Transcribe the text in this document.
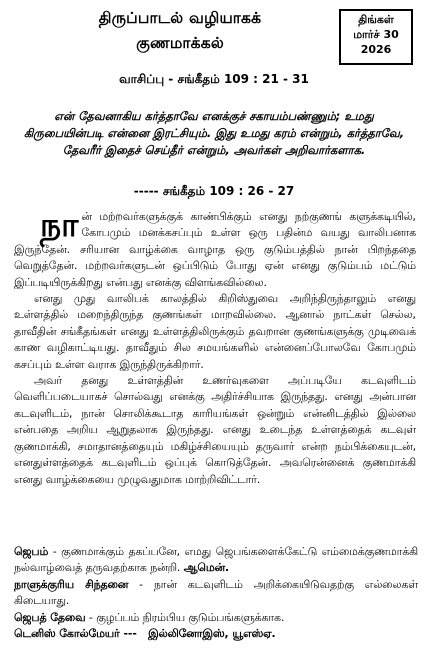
திருப்பாடல் வழியாகக்
குணமாக்கல்
திங்கள்
மார்ச் 30
2026
வாசிப்பு - சங்கீதம் 109 : 21 - 31
என் தேவனாகிய கர்த்தாவே எனக்குச் சகாயம்பண்ணும்; உமது கிருபையின்படி என்னை இரட்சியும். இது உமது கரம் என்றும், கர்த்தாவே, தேவரீர் இதைச் செய்தீர் என்றும், அவர்கள் அறிவார்களாக.
----- சங்கீதம் 109 : 26 - 27

நான் மற்றவர்களுக்குக் காண்பிக்கும் எனது நற்குணங் களுக்கடியில், கோபமும் மனக்கசப்பும் உள்ள ஒரு பதின்ம வயது வாலிபனாக இருந்தேன். சரியான வாழ்க்கை வாழாத ஒரு குடும்பத்தில் நான் பிறந்ததை வெறுத்தேன். மற்றவர்களுடன் ஒப்பிடும் போது ஏன் எனது குடும்பம் மட்டும் இப்படியிருக்கிறது என்பது எனக்கு விளங்கவில்லை.

எனது முது வாலிபக் காலத்தில் கிறிஸ்துவை அறிந்திருந்தாலும் எனது உள்ளத்தில் மறைந்திருந்த குணங்கள் மாறவில்லை. ஆனால் நாட்கள் செல்ல, தாவீதின் சங்கீதங்கள் எனது உள்ளத்திலிருக்கும் தவறான குணங்களுக்கு முடிவைக் காண வழிகாட்டியது. தாவீதும் சில சமயங்களில் என்னைப்போலவே கோபமும் கசப்பும் உள்ள வராக இருந்திருக்கிறார்.

அவர் தனது உள்ளத்தின் உணர்வுகளை அப்படியே கடவுளிடம் வெளிப்படையாகச் சொல்வது எனக்கு அதிர்ச்சியாக இருந்தது. எனது அன்பான கடவுளிடம், நான் சொலிக்கூடாத காரியங்கள் ஒன்றும் என்னிடத்தில் இல்லை என்பதை அறிய ஆறுதலாக இருந்தது. எனது உடைந்த உள்ளத்தைக் கடவுள் குணமாக்கி, சமாதானத்தையும் மகிழ்ச்சியையும் தருவார் என்ற நம்பிக்கையுடன், எனதுள்ளத்தைக் கடவுளிடம் ஒப்புக் கொடுத்தேன். அவரென்னைக் குணமாக்கி எனது வாழ்க்கையை முழுவதுமாக மாற்றிவிட்டார்.

ஜெபம் - குணமாக்கும் தகப்பனே, எமது ஜெபங்களைக்கேட்டு எம்மைக்குணமாக்கி நல்வாழ்வைத் தருவதற்காக நன்றி. ஆமென்.

நாளுக்குரிய சிந்தனை - நான் கடவுளிடம் அறிக்கையிடுவதற்கு எல்லைகள் கிடையாது.

ஜெபத் தேவை - குழப்பம் நிரம்பிய குடும்பங்களுக்காக.

டெனிஸ் கோல்மேயர் ---   இல்லினோஇஸ், யூஎஸ்ஏ.
